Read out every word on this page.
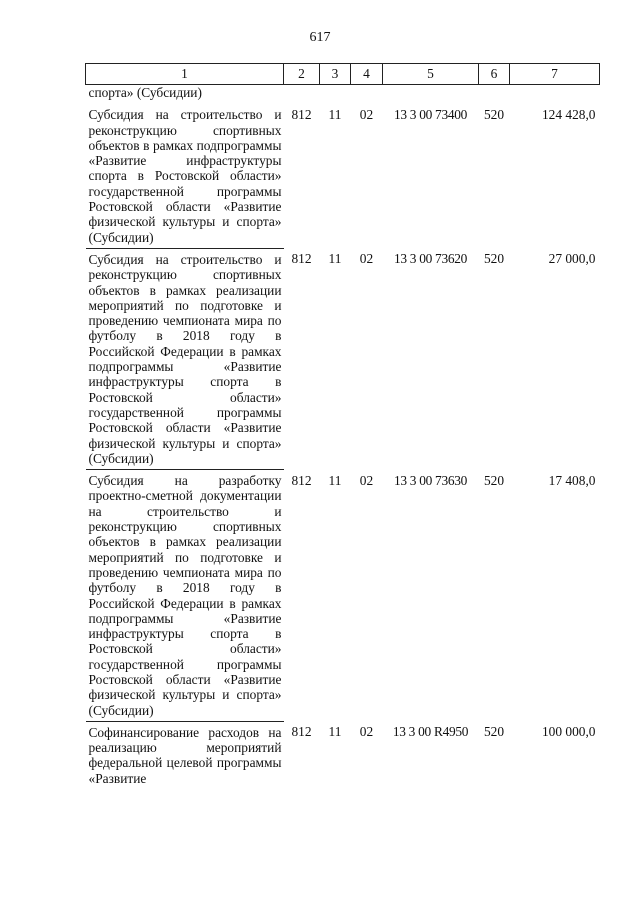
617
1	2	3	4	5	6	7
спорта» (Субсидии)						
Субсидия на строительство и реконструкцию спортивных объектов в рамках подпрограммы «Развитие инфраструктуры спорта в Ростовской области» государственной программы Ростовской области «Развитие физической культуры и спорта» (Субсидии)	812	11	02	13 3 00 73400	520	124 428,0
Субсидия на строительство и реконструкцию спортивных объектов в рамках реализации мероприятий по подготовке и проведению чемпионата мира по футболу в 2018 году в Российской Федерации в рамках подпрограммы «Развитие инфраструктуры спорта в Ростовской области» государственной программы Ростовской области «Развитие физической культуры и спорта» (Субсидии)	812	11	02	13 3 00 73620	520	27 000,0
Субсидия на разработку проектно-сметной документации на строительство и реконструкцию спортивных объектов в рамках реализации мероприятий по подготовке и проведению чемпионата мира по футболу в 2018 году в Российской Федерации в рамках подпрограммы «Развитие инфраструктуры спорта в Ростовской области» государственной программы Ростовской области «Развитие физической культуры и спорта» (Субсидии)	812	11	02	13 3 00 73630	520	17 408,0
Софинансирование расходов на реализацию мероприятий федеральной целевой программы «Развитие	812	11	02	13 3 00 R4950	520	100 000,0
